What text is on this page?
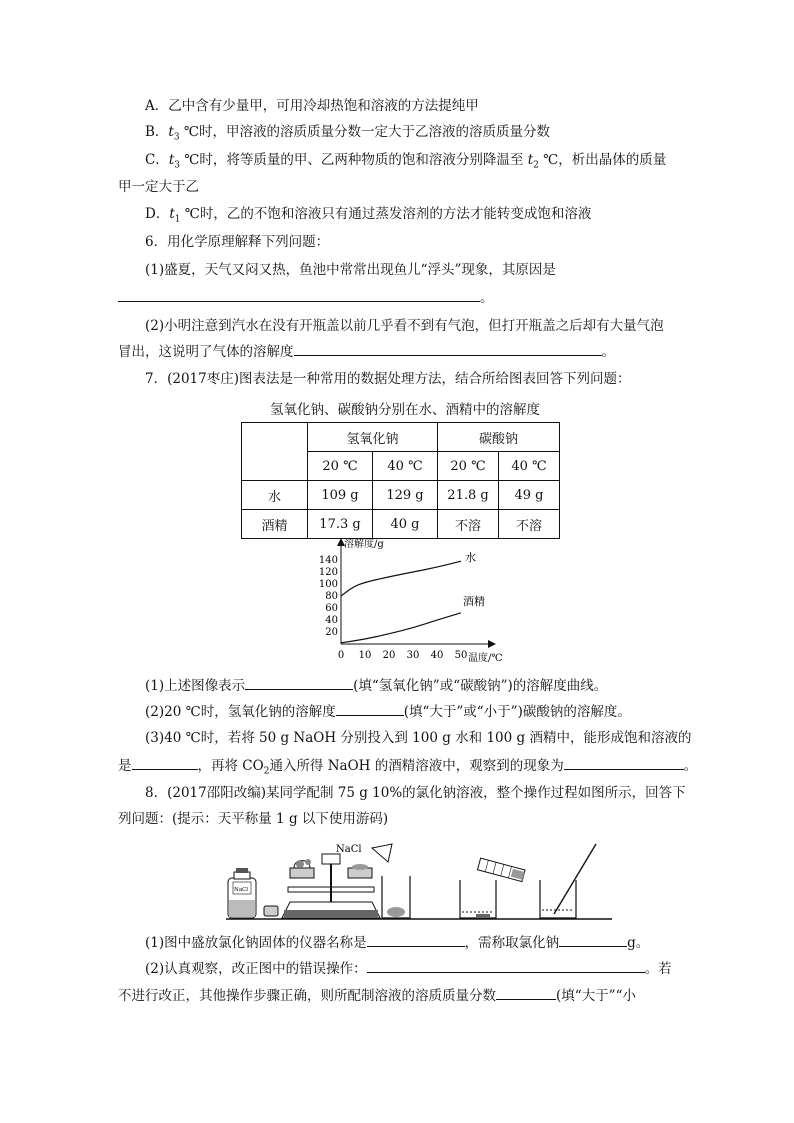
A．乙中含有少量甲，可用冷却热饱和溶液的方法提纯甲
B．$t_3$ ℃时，甲溶液的溶质质量分数一定大于乙溶液的溶质质量分数
C．$t_3$ ℃时，将等质量的甲、乙两种物质的饱和溶液分别降温至 $t_2$ ℃，析出晶体的质量
甲一定大于乙
D．$t_1$ ℃时，乙的不饱和溶液只有通过蒸发溶剂的方法才能转变成饱和溶液
6．用化学原理解释下列问题：
(1)盛夏，天气又闷又热，鱼池中常常出现鱼儿“浮头”现象，其原因是
。
(2)小明注意到汽水在没有开瓶盖以前几乎看不到有气泡，但打开瓶盖之后却有大量气泡
冒出，这说明了气体的溶解度	。
7．(2017枣庄)图表法是一种常用的数据处理方法，结合所给图表回答下列问题：
氢氧化钠、碳酸钠分别在水、酒精中的溶解度
	氢氧化钠		碳酸钠	
	20 ℃	40 ℃	20 ℃	40 ℃
水	109 g	129 g	21.8 g	49 g
酒精	17.3 g	40 g	不溶	不溶
溶解度/g
温度/℃
20
40
60
80
100
120
140
0 10 20 30 40 50
水
酒精
(1)上述图像表示	(填“氢氧化钠”或“碳酸钠”)的溶解度曲线。
(2)20 ℃时，氢氧化钠的溶解度	(填“大于”或“小于”)碳酸钠的溶解度。
(3)40 ℃时，若将 50 g NaOH 分别投入到 100 g 水和 100 g 酒精中，能形成饱和溶液的
是	，再将 $CO_2$通入所得 NaOH 的酒精溶液中，观察到的现象为	。
8．(2017邵阳改编)某同学配制 75 g 10%的氯化钠溶液，整个操作过程如图所示，回答下
列问题：(提示：天平称量 1 g 以下使用游码)
NaCl
NaCl
(1)图中盛放氯化钠固体的仪器名称是	，需称取氯化钠	g。
(2)认真观察，改正图中的错误操作：	。若
不进行改正，其他操作步骤正确，则所配制溶液的溶质质量分数	(填“大于”“小
